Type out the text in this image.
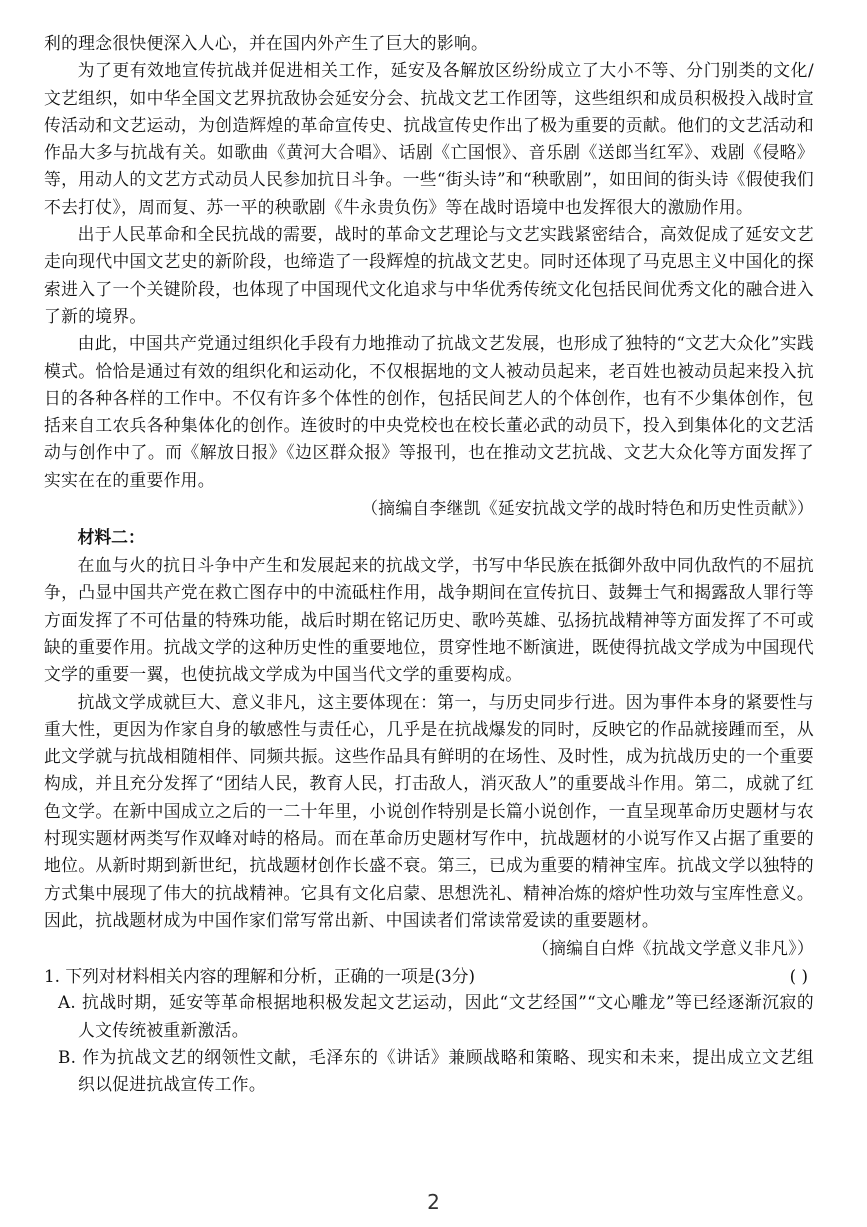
利的理念很快便深入人心，并在国内外产生了巨大的影响。

为了更有效地宣传抗战并促进相关工作，延安及各解放区纷纷成立了大小不等、分门别类的文化/文艺组织，如中华全国文艺界抗敌协会延安分会、抗战文艺工作团等，这些组织和成员积极投入战时宣传活动和文艺运动，为创造辉煌的革命宣传史、抗战宣传史作出了极为重要的贡献。他们的文艺活动和作品大多与抗战有关。如歌曲《黄河大合唱》、话剧《亡国恨》、音乐剧《送郎当红军》、戏剧《侵略》等，用动人的文艺方式动员人民参加抗日斗争。一些“街头诗”和“秧歌剧”，如田间的街头诗《假使我们不去打仗》，周而复、苏一平的秧歌剧《牛永贵负伤》等在战时语境中也发挥很大的激励作用。

出于人民革命和全民抗战的需要，战时的革命文艺理论与文艺实践紧密结合，高效促成了延安文艺走向现代中国文艺史的新阶段，也缔造了一段辉煌的抗战文艺史。同时还体现了马克思主义中国化的探索进入了一个关键阶段，也体现了中国现代文化追求与中华优秀传统文化包括民间优秀文化的融合进入了新的境界。

由此，中国共产党通过组织化手段有力地推动了抗战文艺发展，也形成了独特的“文艺大众化”实践模式。恰恰是通过有效的组织化和运动化，不仅根据地的文人被动员起来，老百姓也被动员起来投入抗日的各种各样的工作中。不仅有许多个体性的创作，包括民间艺人的个体创作，也有不少集体创作，包括来自工农兵各种集体化的创作。连彼时的中央党校也在校长董必武的动员下，投入到集体化的文艺活动与创作中了。而《解放日报》《边区群众报》等报刊，也在推动文艺抗战、文艺大众化等方面发挥了实实在在的重要作用。

（摘编自李继凯《延安抗战文学的战时特色和历史性贡献》）

材料二：

在血与火的抗日斗争中产生和发展起来的抗战文学，书写中华民族在抵御外敌中同仇敌忾的不屈抗争，凸显中国共产党在救亡图存中的中流砥柱作用，战争期间在宣传抗日、鼓舞士气和揭露敌人罪行等方面发挥了不可估量的特殊功能，战后时期在铭记历史、歌吟英雄、弘扬抗战精神等方面发挥了不可或缺的重要作用。抗战文学的这种历史性的重要地位，贯穿性地不断演进，既使得抗战文学成为中国现代文学的重要一翼，也使抗战文学成为中国当代文学的重要构成。

抗战文学成就巨大、意义非凡，这主要体现在：第一，与历史同步行进。因为事件本身的紧要性与重大性，更因为作家自身的敏感性与责任心，几乎是在抗战爆发的同时，反映它的作品就接踵而至，从此文学就与抗战相随相伴、同频共振。这些作品具有鲜明的在场性、及时性，成为抗战历史的一个重要构成，并且充分发挥了“团结人民，教育人民，打击敌人，消灭敌人”的重要战斗作用。第二，成就了红色文学。在新中国成立之后的一二十年里，小说创作特别是长篇小说创作，一直呈现革命历史题材与农村现实题材两类写作双峰对峙的格局。而在革命历史题材写作中，抗战题材的小说写作又占据了重要的地位。从新时期到新世纪，抗战题材创作长盛不衰。第三，已成为重要的精神宝库。抗战文学以独特的方式集中展现了伟大的抗战精神。它具有文化启蒙、思想洗礼、精神冶炼的熔炉性功效与宝库性意义。因此，抗战题材成为中国作家们常写常出新、中国读者们常读常爱读的重要题材。

（摘编自白烨《抗战文学意义非凡》）

1. 下列对材料相关内容的理解和分析，正确的一项是(3分)	( )

A. 抗战时期，延安等革命根据地积极发起文艺运动，因此“文艺经国”“文心雕龙”等已经逐渐沉寂的人文传统被重新激活。

B. 作为抗战文艺的纲领性文献，毛泽东的《讲话》兼顾战略和策略、现实和未来，提出成立文艺组织以促进抗战宣传工作。

2
